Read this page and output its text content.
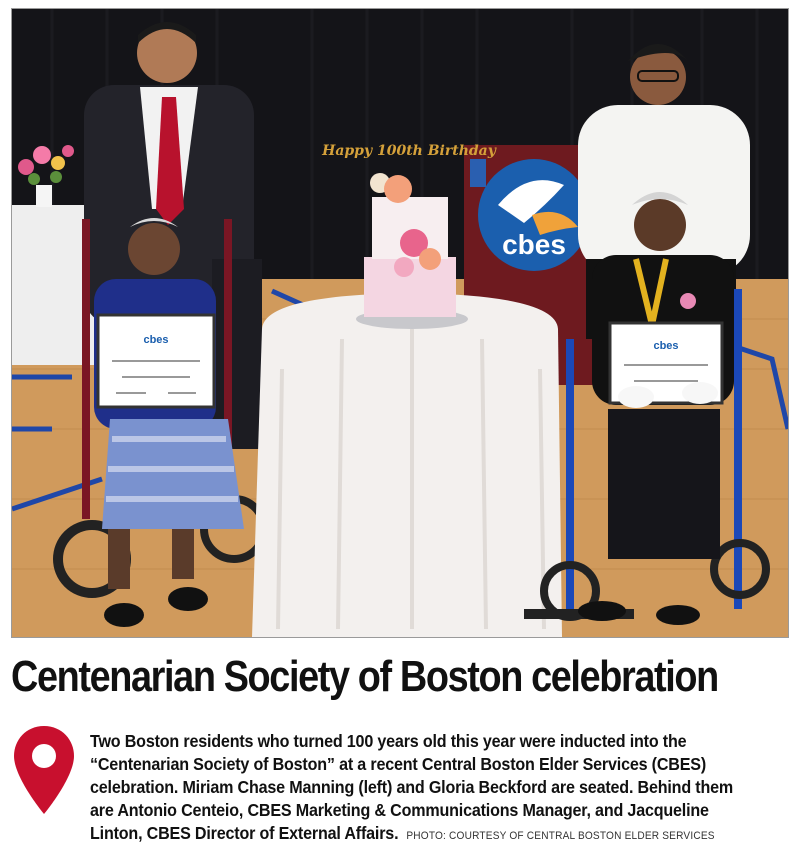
cbes
cbes
Happy 100th Birthday
cbes
Centenarian Society of Boston celebration
Two Boston residents who turned 100 years old this year were inducted into the “Centenarian Society of Boston” at a recent Central Boston Elder Services (CBES) celebration. Miriam Chase Manning (left) and Gloria Beckford are seated. Behind them are Antonio Centeio, CBES Marketing & Communications Manager, and Jacqueline Linton, CBES Director of External Affairs. PHOTO: COURTESY OF CENTRAL BOSTON ELDER SERVICES
